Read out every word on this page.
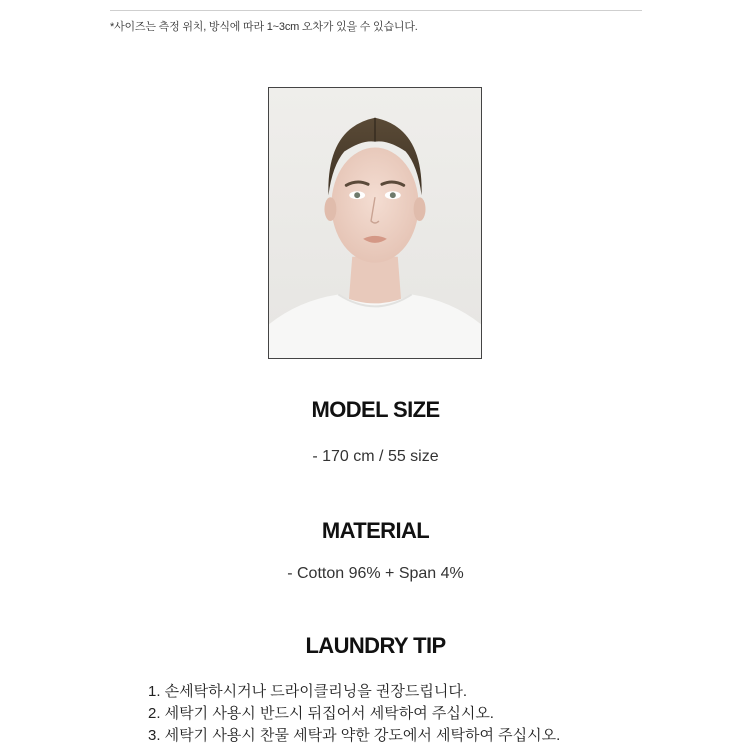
*사이즈는 측정 위치, 방식에 따라 1~3cm 오차가 있을 수 있습니다.
MODEL SIZE
- 170 cm / 55 size
MATERIAL
- Cotton 96% + Span 4%
LAUNDRY TIP
1. 손세탁하시거나 드라이클리닝을 권장드립니다.
2. 세탁기 사용시 반드시 뒤집어서 세탁하여 주십시오.
3. 세탁기 사용시 찬물 세탁과 약한 강도에서 세탁하여 주십시오.
